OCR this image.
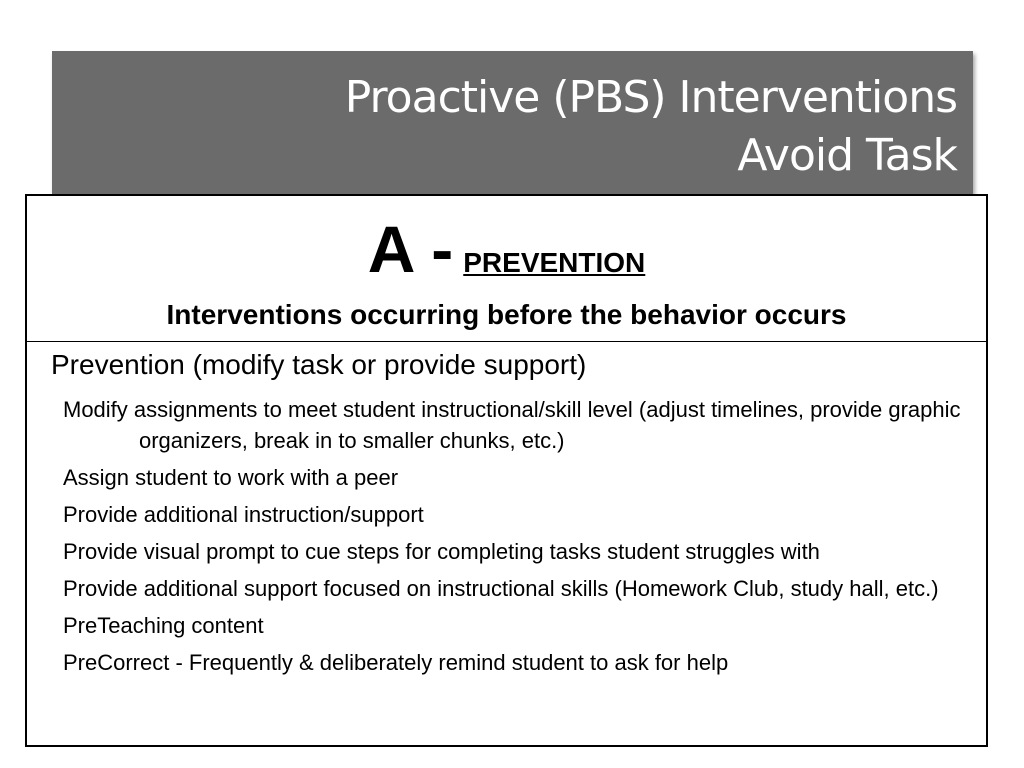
Proactive (PBS) Interventions
Avoid Task
A - PREVENTION
Interventions occurring before the behavior occurs
Prevention (modify task or provide support)
Modify assignments to meet student instructional/skill level (adjust timelines, provide graphic organizers, break in to smaller chunks, etc.)
Assign student to work with a peer
Provide additional instruction/support
Provide visual prompt to cue steps for completing tasks student struggles with
Provide additional support focused on instructional skills (Homework Club, study hall, etc.)
PreTeaching content
PreCorrect - Frequently & deliberately remind student to ask for help
